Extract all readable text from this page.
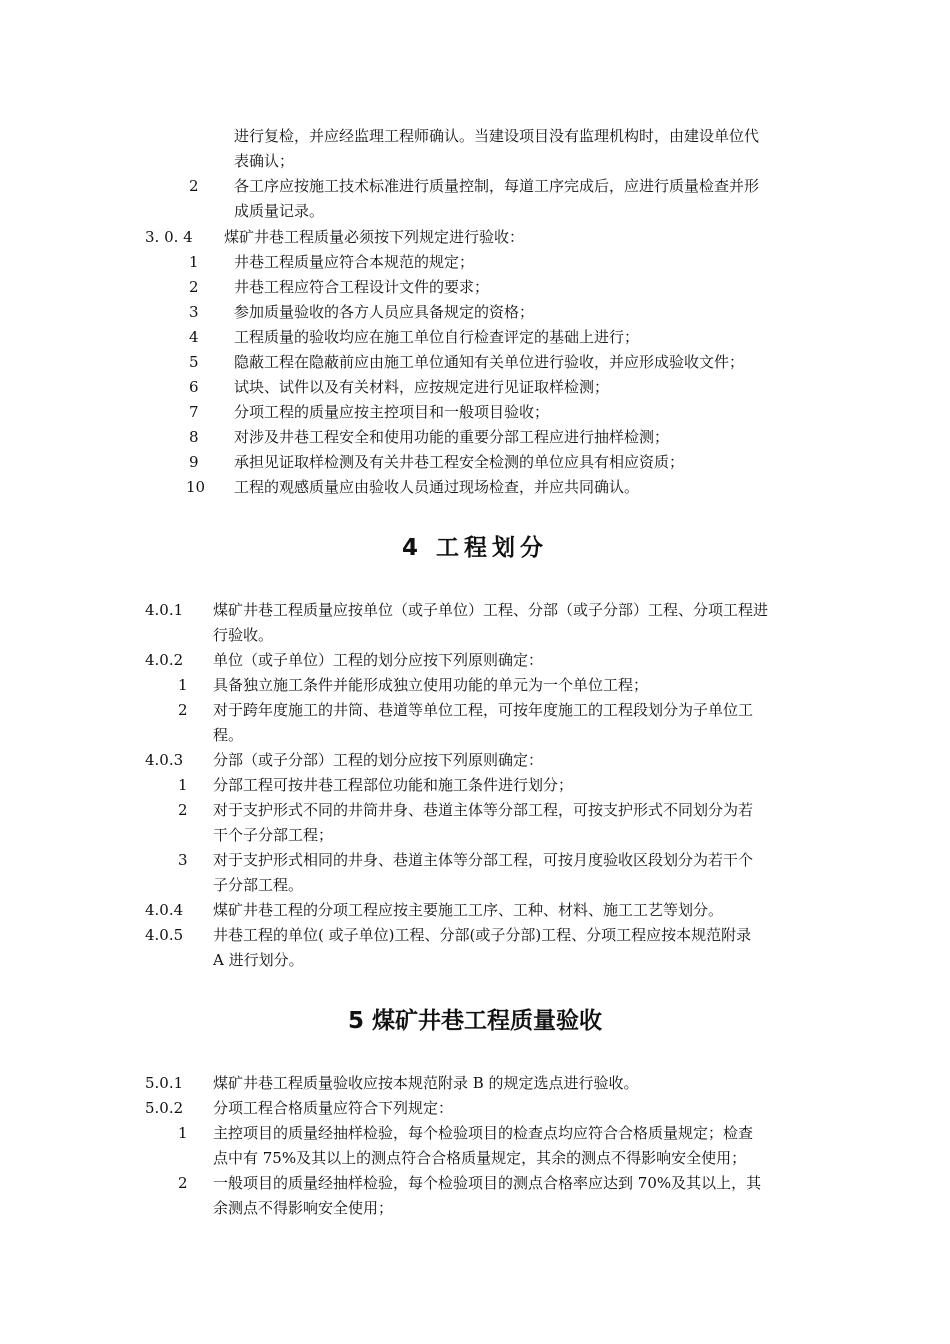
进行复检，并应经监理工程师确认。当建设项目没有监理机构时，由建设单位代
表确认；
2 各工序应按施工技术标准进行质量控制，每道工序完成后，应进行质量检查并形
成质量记录。
3. 0. 4 煤矿井巷工程质量必须按下列规定进行验收：
1 井巷工程质量应符合本规范的规定；
2 井巷工程应符合工程设计文件的要求；
3 参加质量验收的各方人员应具备规定的资格；
4 工程质量的验收均应在施工单位自行检查评定的基础上进行；
5 隐蔽工程在隐蔽前应由施工单位通知有关单位进行验收，并应形成验收文件；
6 试块、试件以及有关材料，应按规定进行见证取样检测；
7 分项工程的质量应按主控项目和一般项目验收；
8 对涉及井巷工程安全和使用功能的重要分部工程应进行抽样检测；
9 承担见证取样检测及有关井巷工程安全检测的单位应具有相应资质；
10 工程的观感质量应由验收人员通过现场检查，并应共同确认。
4 工程划分
4.0.1 煤矿井巷工程质量应按单位（或子单位）工程、分部（或子分部）工程、分项工程进
行验收。
4.0.2 单位（或子单位）工程的划分应按下列原则确定：
1 具备独立施工条件并能形成独立使用功能的单元为一个单位工程；
2 对于跨年度施工的井筒、巷道等单位工程，可按年度施工的工程段划分为子单位工
程。
4.0.3 分部（或子分部）工程的划分应按下列原则确定：
1 分部工程可按井巷工程部位功能和施工条件进行划分；
2 对于支护形式不同的井筒井身、巷道主体等分部工程，可按支护形式不同划分为若
干个子分部工程；
3 对于支护形式相同的井身、巷道主体等分部工程，可按月度验收区段划分为若干个
子分部工程。
4.0.4 煤矿井巷工程的分项工程应按主要施工工序、工种、材料、施工工艺等划分。
4.0.5 井巷工程的单位( 或子单位)工程、分部(或子分部)工程、分项工程应按本规范附录
A 进行划分。
5 煤矿井巷工程质量验收
5.0.1 煤矿井巷工程质量验收应按本规范附录 B 的规定选点进行验收。
5.0.2 分项工程合格质量应符合下列规定：
1 主控项目的质量经抽样检验，每个检验项目的检查点均应符合合格质量规定；检查
点中有 75%及其以上的测点符合合格质量规定，其余的测点不得影响安全使用；
2 一般项目的质量经抽样检验，每个检验项目的测点合格率应达到 70%及其以上，其
余测点不得影响安全使用；
